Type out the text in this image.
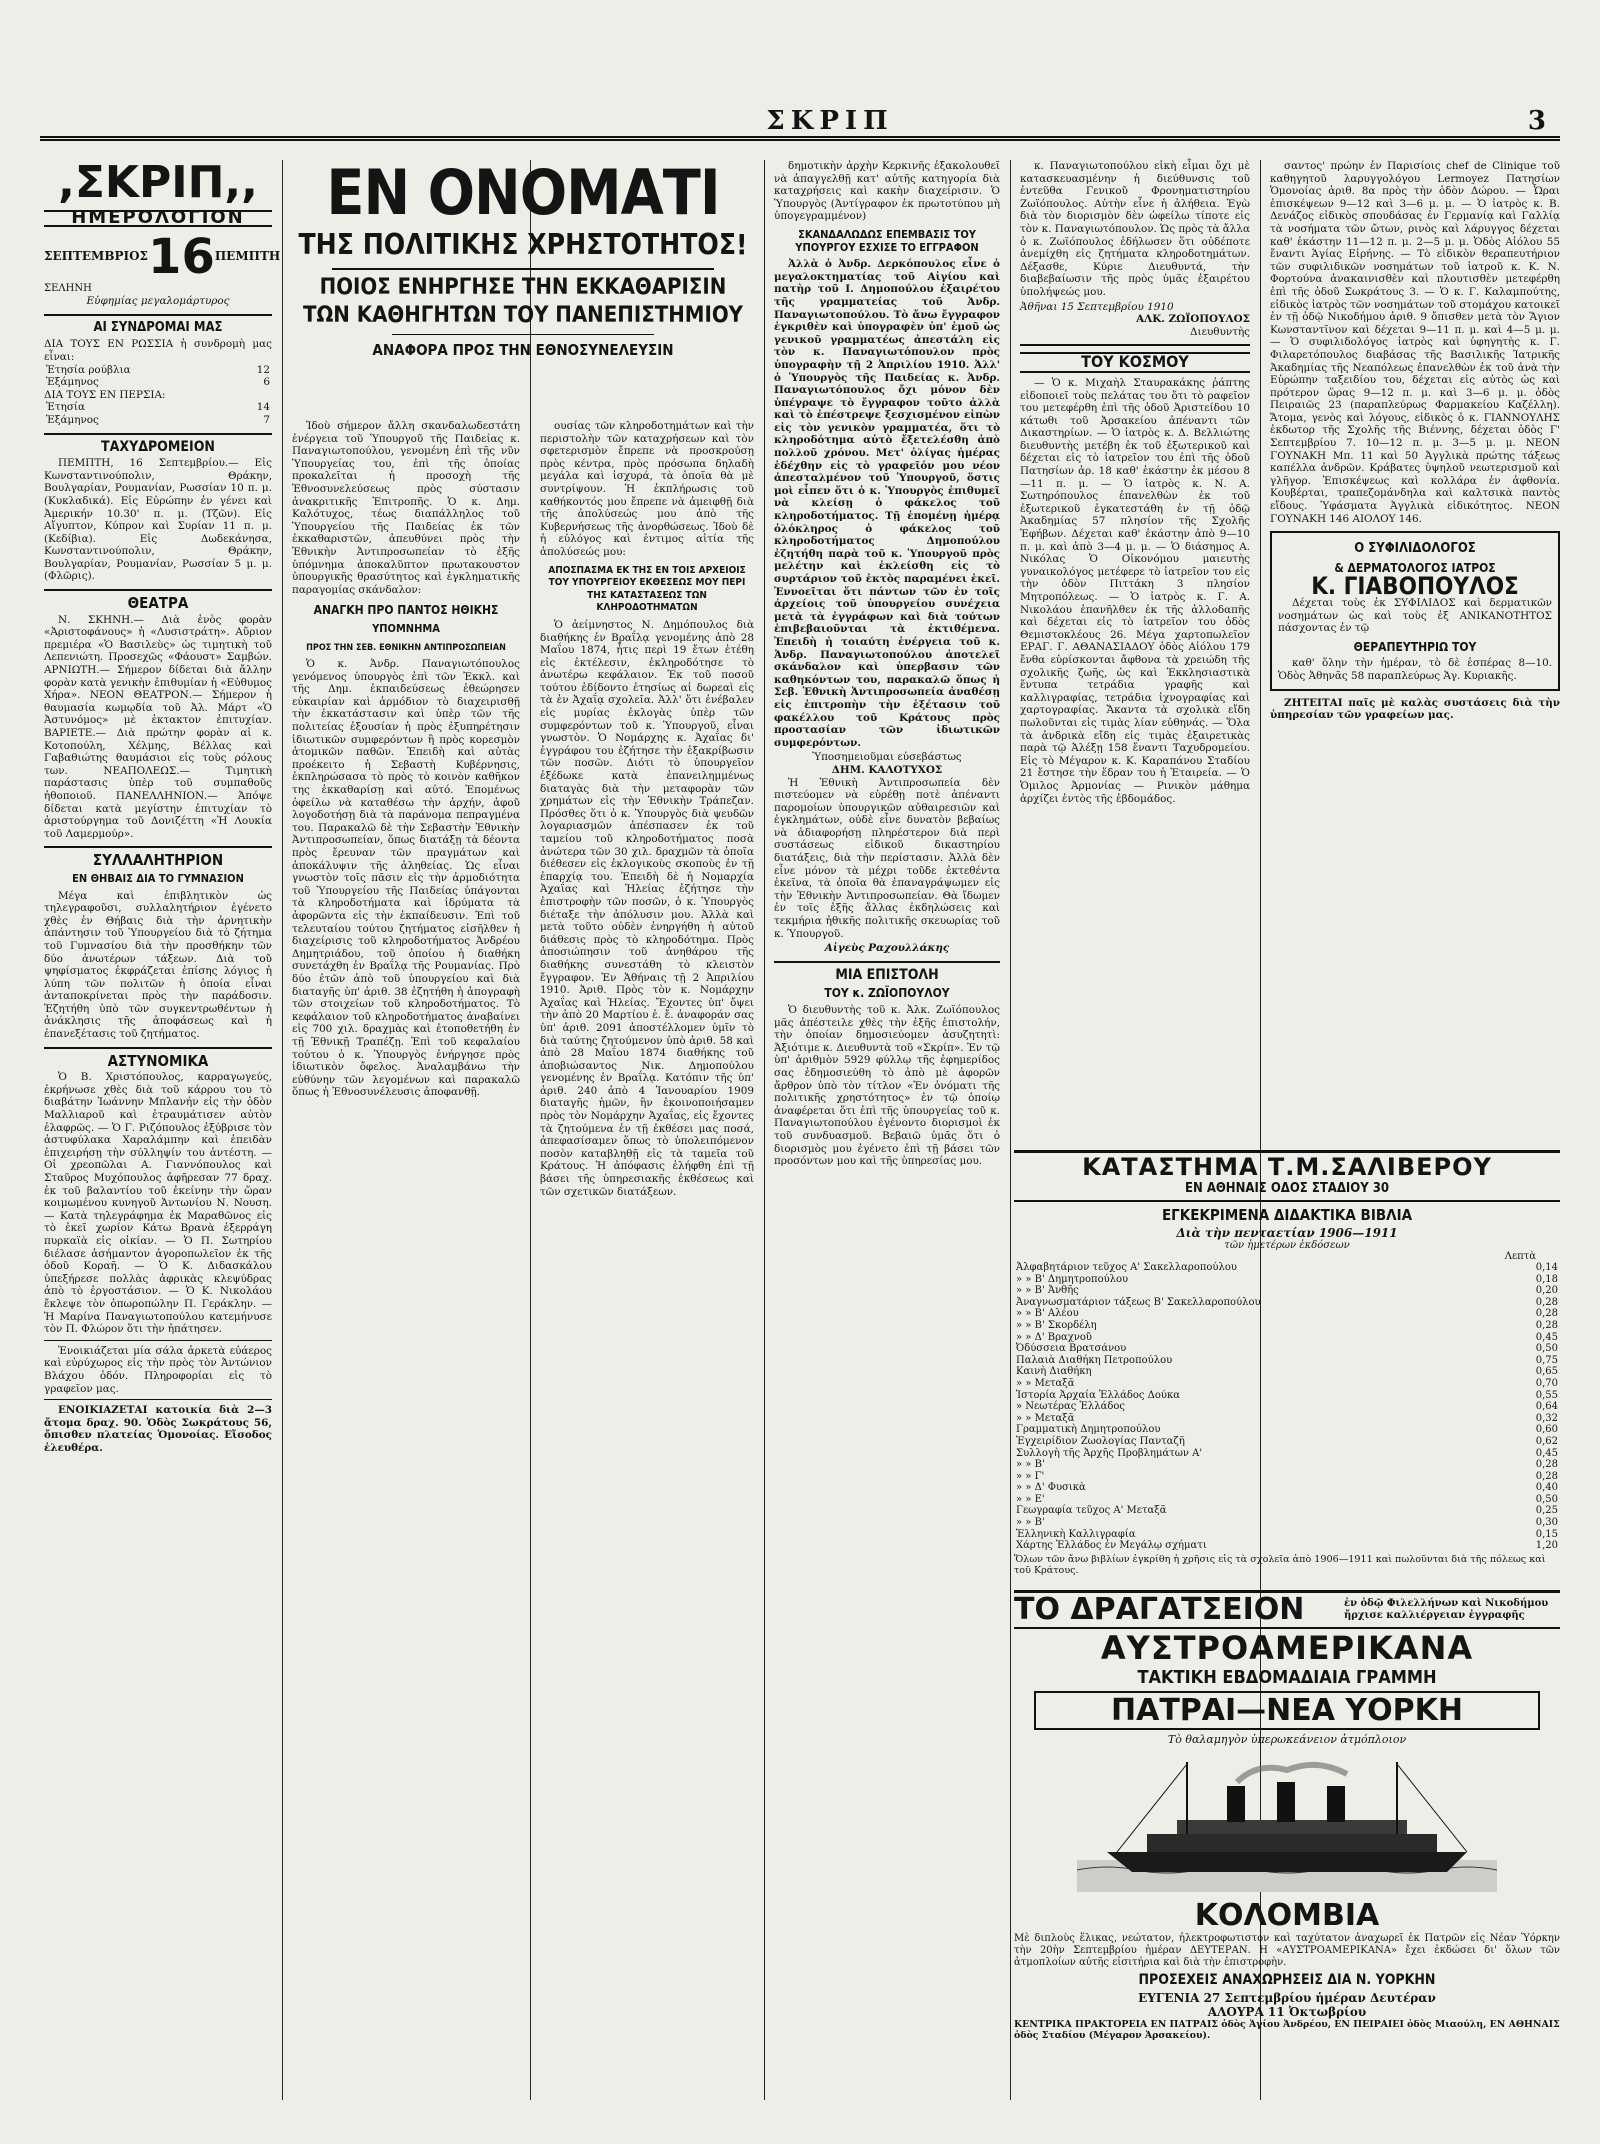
ΣΚΡΙΠ	3
,ΣΚΡΙΠ,,
ΗΜΕΡΟΛΟΓΙΟΝ
ΣΕΠΤΕΜΒΡΙΟΣ 16 ΠΕΜΠΤΗ
ΣΕΛΗΝΗ
Εὐφημίας μεγαλομάρτυρος
ΑΙ ΣΥΝΔΡΟΜΑΙ ΜΑΣ
ΔΙΑ ΤΟΥΣ ΕΝ ΡΩΣΣΙΑ ἡ συνδρομὴ μας εἶναι:
Ἐτησία ρούβλια	12
Ἑξάμηνος	6
ΔΙΑ ΤΟΥΣ ΕΝ ΠΕΡΣΙΑ:
Ἐτησία	14
Ἑξάμηνος	7
ΤΑΧΥΔΡΟΜΕΙΟΝ

ΠΕΜΠΤΗ, 16 Σεπτεμβρίου.— Εἰς Κωνσταντινούπολιν, Θράκην, Βουλγαρίαν, Ρουμανίαν, Ρωσσίαν 10 π. μ. (Κυκλαδικά). Εἰς Εὐρώπην ἐν γένει καὶ Ἀμερικήν 10.30' π. μ. (Τζῶν). Εἰς Αἴγυπτον, Κύπρον καὶ Συρίαν 11 π. μ. (Κεδίβια). Εἰς Δωδεκάνησα, Κωνσταντινούπολιν, Θράκην, Βουλγαρίαν, Ρουμανίαν, Ρωσσίαν 5 μ. μ. (Φλῶρις).

ΘΕΑΤΡΑ

Ν. ΣΚΗΝΗ.— Διὰ ἑνὸς φορὰν «Ἀριστοφάνους» ἡ «Λυσιστράτη». Αὔριον πρεμιέρα «Ὁ Βασιλεὺς» ὡς τιμητικὴ τοῦ Λεπενιώτη. Προσεχῶς «Φάουστ» Σαμβών. ΑΡΝΙΩΤΗ.— Σήμερον δίδεται διὰ ἄλλην φορὰν κατὰ γενικὴν ἐπιθυμίαν ἡ «Εὐθυμος Χήρα». ΝΕΟΝ ΘΕΑΤΡΟΝ.— Σήμερον ἡ θαυμασία κωμῳδία τοῦ Ἀλ. Μάρτ «Ὁ Ἀστυνόμος» μὲ ἐκτακτον ἐπιτυχίαν. ΒΑΡΙΕΤΕ.— Διὰ πρώτην φορὰν αἱ κ. Κοτοπούλη, Χέλμης, Βέλλας καὶ Γαβαθιώτης θαυμάσιοι εἰς τοὺς ρόλους των. ΝΕΑΠΟΛΕΩΣ.— Τιμητικὴ παράστασις ὑπὲρ τοῦ συμπαθοῦς ἠθοποιοῦ. ΠΑΝΕΛΛΗΝΙΟΝ.— Ἀπόψε δίδεται κατὰ μεγίστην ἐπιτυχίαν τὸ ἀριστούργημα τοῦ Δονιζέττη «Ἡ Λουκία τοῦ Λαμερμούρ».

ΣΥΛΛΑΛΗΤΗΡΙΟΝ
ΕΝ ΘΗΒΑΙΣ ΔΙΑ ΤΟ ΓΥΜΝΑΣΙΟΝ

Μέγα καὶ ἐπιβλητικὸν ὡς τηλεγραφοῦσι, συλλαλητήριον ἐγένετο χθὲς ἐν Θήβαις διὰ τὴν ἀρνητικὴν ἀπάντησιν τοῦ Ὑπουργείου διὰ τὸ ζήτημα τοῦ Γυμνασίου διὰ τὴν προσθήκην τῶν δύο ἀνωτέρων τάξεων. Διὰ τοῦ ψηφίσματος ἐκφράζεται ἐπίσης λόγιος ἡ λύπη τῶν πολιτῶν ἡ ὁποία εἶναι ἀνταποκρίνεται πρὸς τὴν παράδοσιν. Ἐζητήθη ὑπὸ τῶν συγκεντρωθέντων ἡ ἀνάκλησις τῆς ἀποφάσεως καὶ ἡ ἐπανεξέτασις τοῦ ζητήματος.

ΑΣΤΥΝΟΜΙΚΑ

Ὁ Β. Χριστόπουλος, καρραγωγεύς, ἐκρήνωσε χθὲς διὰ τοῦ κάρρου του τὸ διαβάτην Ἰωάννην Μπλανήν εἰς τὴν ὁδὸν Μαλλιαροῦ καὶ ἐτραυμάτισεν αὐτὸν ἐλαφρῶς. — Ὁ Γ. Ριζόπουλος ἐξύβρισε τὸν ἀστυφύλακα Χαραλάμπην καὶ ἐπειδὰν ἐπιχειρήσῃ τὴν σύλληψίν του ἀντέστη. — Οἱ χρεοπῶλαι Α. Γιαννόπουλος καὶ Σταῦρος Μυχόπουλος ἀφῆρεσαν 77 δραχ. ἐκ τοῦ βαλαντίου τοῦ ἐκείνην τὴν ὥραν κοιμωμένου κυνηγοῦ Ἀντωνίου Ν. Νουση. — Κατὰ τηλεγράφημα ἐκ Μαραθῶνος εἰς τὸ ἐκεῖ χωρίον Κάτω Βρανὰ ἐξερράγη πυρκαϊὰ εἰς οἰκίαν. — Ὁ Π. Σωτηρίου διέλασε ἀσήμαντον ἀγοροπωλεῖον ἐκ τῆς ὁδοῦ Κοραῆ. — Ὁ Κ. Διδασκάλου ὑπεξήρεσε πολλὰς ἀφρικὰς κλεψύδρας ἀπὸ τὸ ἐργοστάσιον. — Ὁ Κ. Νικολάου ἔκλεψε τὸν ὀπωροπώλην Π. Γεράκλην. — Ἡ Μαρίνα Παναγιωτοπούλου κατεμήνυσε τὸν Π. Φλώρον ὅτι τὴν ἠπάτησεν.

Ἐνοικιάζεται μία σάλα ἀρκετὰ εὐάερος καὶ εὐρύχωρος εἰς τὴν πρὸς τὸν Ἀντώνιον Βλάχου ὁδόν. Πληροφορίαι εἰς τὸ γραφεῖον μας.

ΕΝΟΙΚΙΑΖΕΤΑΙ κατοικία διὰ 2—3 ἄτομα δραχ. 90. Ὁδὸς Σωκράτους 56, ὄπισθεν πλατείας Ὁμονοίας. Εἴσοδος ἐλευθέρα.

ΕΝ ΟΝΟΜΑΤΙ
ΤΗΣ ΠΟΛΙΤΙΚΗΣ ΧΡΗΣΤΟΤΗΤΟΣ!
ΠΟΙΟΣ ΕΝΗΡΓΗΣΕ ΤΗΝ ΕΚΚΑΘΑΡΙΣΙΝ
ΤΩΝ ΚΑΘΗΓΗΤΩΝ ΤΟΥ ΠΑΝΕΠΙΣΤΗΜΙΟΥ
ΑΝΑΦΟΡΑ ΠΡΟΣ ΤΗΝ ΕΘΝΟΣΥΝΕΛΕΥΣΙΝ

Ἰδοὺ σήμερον ἄλλη σκανδαλωδεστάτη ἐνέργεια τοῦ Ὑπουργοῦ τῆς Παιδείας κ. Παναγιωτοπούλου, γενομένη ἐπὶ τῆς νῦν Ὑπουργείας του, ἐπὶ τῆς ὁποίας προκαλεῖται ἡ προσοχὴ τῆς Ἐθνοσυνελεύσεως πρὸς σύστασιν ἀνακριτικῆς Ἐπιτροπῆς. Ὁ κ. Δημ. Καλότυχος, τέως διαπάλληλος τοῦ Ὑπουργείου τῆς Παιδείας ἐκ τῶν ἐκκαθαριστῶν, ἀπευθύνει πρὸς τὴν Ἐθνικὴν Ἀντιπροσωπείαν τὸ ἐξῆς ὑπόμνημα ἀποκαλῦπτον πρωτακουστον ὑπουργικῆς θρασύτητος καὶ ἐγκληματικῆς παραγομίας σκάνδαλον:

ΑΝΑΓΚΗ ΠΡΟ ΠΑΝΤΟΣ ΗΘΙΚΗΣ
ΥΠΟΜΝΗΜΑ
ΠΡΟΣ ΤΗΝ ΣΕΒ. ΕΘΝΙΚΗΝ ΑΝΤΙΠΡΟΣΩΠΕΙΑΝ

Ὁ κ. Ἀνδρ. Παναγιωτόπουλος γενόμενος ὑπουργὸς ἐπὶ τῶν Ἐκκλ. καὶ τῆς Δημ. ἐκπαιδεύσεως ἐθεώρησεν εὐκαιρίαν καὶ ἀρμόδιον τὸ διαχειρισθῇ τὴν ἐκκατάστασιν καὶ ὑπὲρ τῶν τῆς πολιτείας ἐξουσίαν ἡ πρὸς ἐξυπηρέτησιν ἰδιωτικῶν συμφερόντων ἢ πρὸς κορεσμὸν ἀτομικῶν παθῶν. Ἐπειδὴ καὶ αὐτὰς προέκειτο ἡ Σεβαστὴ Κυβέρνησις, ἐκπληρώσασα τὸ πρὸς τὸ κοινὸν καθῆκον της ἐκκαθαρίσῃ καὶ αὐτό. Ἐπομένως ὀφείλω νὰ καταθέσω τὴν ἀρχήν, ἀφοῦ λογοδοτήσῃ διὰ τὰ παράνομα πεπραγμένα του. Παρακαλῶ δὲ τὴν Σεβαστὴν Ἐθνικὴν Ἀντιπροσωπείαν, ὅπως διατάξῃ τὰ δέοντα πρὸς ἔρευναν τῶν πραγμάτων καὶ ἀποκάλυψιν τῆς ἀληθείας. Ὡς εἶναι γνωστὸν τοῖς πᾶσιν εἰς τὴν ἀρμοδιότητα τοῦ Ὑπουργείου τῆς Παιδείας ὑπάγονται τὰ κληροδοτήματα καὶ ἰδρύματα τὰ ἀφορῶντα εἰς τὴν ἐκπαίδευσιν. Ἐπὶ τοῦ τελευταίου τούτου ζητήματος εἰσῆλθεν ἡ διαχείρισις τοῦ κληροδοτήματος Ἀνδρέου Δημητριάδου, τοῦ ὁποίου ἡ διαθήκη συνετάχθη ἐν Βραΐλᾳ τῆς Ρουμανίας. Πρὸ δύο ἐτῶν ἀπὸ τοῦ ὑπουργείου καὶ διὰ διαταγῆς ὑπ' ἀριθ. 38 ἐζητήθη ἡ ἀπογραφὴ τῶν στοιχείων τοῦ κληροδοτήματος. Τὸ κεφάλαιον τοῦ κληροδοτήματος ἀναβαίνει εἰς 700 χιλ. δραχμὰς καὶ ἐτοποθετήθη ἐν τῇ Ἐθνικῇ Τραπέζῃ. Ἐπὶ τοῦ κεφαλαίου τούτου ὁ κ. Ὑπουργὸς ἐνήργησε πρὸς ἰδιωτικὸν ὄφελος. Ἀναλαμβάνω τὴν εὐθύνην τῶν λεγομένων καὶ παρακαλῶ ὅπως ἡ Ἐθνοσυνέλευσις ἀποφανθῇ.

ουσίας τῶν κληροδοτημάτων καὶ τὴν περιστολὴν τῶν καταχρήσεων καὶ τὸν σφετερισμὸν ἔπρεπε νὰ προσκρούσῃ πρὸς κέντρα, πρὸς πρόσωπα δηλαδὴ μεγάλα καὶ ἰσχυρά, τὰ ὁποῖα θὰ μὲ συντρίψουν. Ἡ ἐκπλήρωσις τοῦ καθήκοντός μου ἔπρεπε νὰ ἀμειφθῇ διὰ τῆς ἀπολύσεώς μου ἀπὸ τῆς Κυβερνήσεως τῆς ἀνορθώσεως. Ἰδοὺ δὲ ἡ εὐλόγος καὶ ἐντιμος αἰτία τῆς ἀπολύσεώς μου:

ΑΠΟΣΠΑΣΜΑ ΕΚ ΤΗΣ ΕΝ ΤΟΙΣ ΑΡΧΕΙΟΙΣ ΤΟΥ ΥΠΟΥΡΓΕΙΟΥ ΕΚΘΕΣΕΩΣ ΜΟΥ ΠΕΡΙ ΤΗΣ ΚΑΤΑΣΤΑΣΕΩΣ ΤΩΝ ΚΛΗΡΟΔΟΤΗΜΑΤΩΝ

Ὁ ἀείμνηστος Ν. Δημόπουλος διὰ διαθήκης ἐν Βραΐλᾳ γενομένης ἀπὸ 28 Μαΐου 1874, ἧτις περὶ 19 ἔτων ἐτέθη εἰς ἐκτέλεσιν, ἐκληροδότησε τὸ ἀνωτέρω κεφάλαιον. Ἐκ τοῦ ποσοῦ τούτου ἐδίδοντο ἐτησίως αἱ δωρεαὶ εἰς τὰ ἐν Ἀχαΐᾳ σχολεῖα. Ἀλλ' ὅτι ἐνέβαλεν εἰς μυρίας ἐκλογὰς ὑπὲρ τῶν συμφερόντων τοῦ κ. Ὑπουργοῦ, εἶναι γνωστὸν. Ὁ Νομάρχης κ. Ἀχαΐας δι' ἐγγράφου του ἐζήτησε τὴν ἐξακρίβωσιν τῶν ποσῶν. Διότι τὸ ὑπουργεῖον ἐξέδωκε κατὰ ἐπανειλημμένως διαταγὰς διὰ τὴν μεταφορὰν τῶν χρημάτων εἰς τὴν Ἐθνικὴν Τράπεζαν. Πρόσθες ὅτι ὁ κ. Ὑπουργὸς διὰ ψευδῶν λογαριασμῶν ἀπέσπασεν ἐκ τοῦ ταμείου τοῦ κληροδοτήματος ποσὰ ἀνώτερα τῶν 30 χιλ. δραχμῶν τὰ ὁποῖα διέθεσεν εἰς ἐκλογικοὺς σκοποὺς ἐν τῇ ἐπαρχίᾳ του. Ἐπειδὴ δὲ ἡ Νομαρχία Ἀχαΐας καὶ Ἠλείας ἐζήτησε τὴν ἐπιστροφὴν τῶν ποσῶν, ὁ κ. Ὑπουργὸς διέταξε τὴν ἀπόλυσιν μου. Ἀλλὰ καὶ μετὰ τοῦτο οὐδὲν ἐνηργήθη ἡ αὐτοῦ διάθεσις πρὸς τὸ κληροδότημα. Πρὸς ἀποσιώπησιν τοῦ ἀνηθάρου τῆς διαθήκης συνεστάθη τὸ κλειστὸν ἔγγραφον. Ἐν Ἀθήναις τῇ 2 Ἀπριλίου 1910. Ἀριθ. Πρὸς τὸν κ. Νομάρχην Ἀχαΐας καὶ Ἠλείας. Ἔχοντες ὑπ' ὄψει τὴν ἀπὸ 20 Μαρτίου ἐ. ἔ. ἀναφοράν σας ὑπ' ἀριθ. 2091 ἀποστέλλομεν ὑμῖν τὸ διὰ ταύτης ζητούμενον ὑπὸ ἀριθ. 58 καὶ ἀπὸ 28 Μαΐου 1874 διαθήκης τοῦ ἀποβιώσαντος Νικ. Δημοπούλου γενομένης ἐν Βραΐλᾳ. Κατόπιν τῆς ὑπ' ἀριθ. 240 ἀπὸ 4 Ἰανουαρίου 1909 διαταγῆς ἡμῶν, ἣν ἐκοινοποιήσαμεν πρὸς τὸν Νομάρχην Ἀχαΐας, εἰς ἔχοντες τὰ ζητούμενα ἐν τῇ ἐκθέσει μας ποσά, ἀπεφασίσαμεν ὅπως τὸ ὑπολειπόμενον ποσὸν καταβληθῇ εἰς τὰ ταμεῖα τοῦ Κράτους. Ἡ ἀπόφασις ἐλήφθη ἐπὶ τῇ βάσει τῆς ὑπηρεσιακῆς ἐκθέσεως καὶ τῶν σχετικῶν διατάξεων.

δημοτικὴν ἀρχὴν Κερκινῆς ἐξακολουθεῖ νὰ ἀπαγγελθῇ κατ' αὐτῆς κατηγορία διὰ καταχρήσεις καὶ κακὴν διαχείρισιν. Ὁ Ὑπουργὸς (Ἀντίγραφον ἐκ πρωτοτύπου μὴ ὑπογεγραμμένον)

ΣΚΑΝΔΑΛΩΔΩΣ ΕΠΕΜΒΑΣΙΣ ΤΟΥ ΥΠΟΥΡΓΟΥ ΕΣΧΙΣΕ ΤΟ ΕΓΓΡΑΦΟΝ

Ἀλλὰ ὁ Ἀνδρ. Δερκόπουλος εἶνε ὁ μεγαλοκτηματίας τοῦ Αἰγίου καὶ πατὴρ τοῦ Ι. Δημοπούλου ἐξαιρέτου τῆς γραμματείας τοῦ Ἀνδρ. Παναγιωτοπούλου. Τὸ ἄνω ἔγγραφον ἐγκριθὲν καὶ ὑπογραφὲν ὑπ' ἐμοῦ ὡς γενικοῦ γραμματέως ἀπεστάλη εἰς τὸν κ. Παναγιωτόπουλον πρὸς ὑπογραφὴν τῇ 2 Ἀπριλίου 1910. Ἀλλ' ὁ Ὑπουργὸς τῆς Παιδείας κ. Ἀνδρ. Παναγιωτόπουλος ὄχι μόνον δὲν ὑπέγραψε τὸ ἔγγραφον τοῦτο ἀλλὰ καὶ τὸ ἐπέστρεψε ξεσχισμένον εἰπὼν εἰς τὸν γενικὸν γραμματέα, ὅτι τὸ κληροδότημα αὐτὸ ἔξετελέσθη ἀπὸ πολλοῦ χρόνου. Μετ' ὀλίγας ἡμέρας ἐδέχθην εἰς τὸ γραφεῖόν μου νέον ἀπεσταλμένον τοῦ Ὑπουργοῦ, ὅστις μοὶ εἶπεν ὅτι ὁ κ. Ὑπουργὸς ἐπιθυμεῖ νὰ κλείσῃ ὁ φάκελος τοῦ κληροδοτήματος. Τῇ ἑπομένῃ ἡμέρᾳ ὁλόκληρος ὁ φάκελος τοῦ κληροδοτήματος Δημοπούλου ἐζητήθη παρὰ τοῦ κ. Ὑπουργοῦ πρὸς μελέτην καὶ ἐκλείσθη εἰς τὸ συρτάριον τοῦ ἐκτὸς παραμένει ἐκεῖ. Ἐννοεῖται ὅτι πάντων τῶν ἐν τοῖς ἀρχείοις τοῦ ὑπουργείου συνέχεια μετὰ τὰ ἐγγράφων καὶ διὰ τούτων ἐπιβεβαιοῦνται τὰ ἐκτιθέμενα. Ἐπειδὴ ἡ τοιαύτη ἐνέργεια τοῦ κ. Ἀνδρ. Παναγιωτοπούλου ἀποτελεῖ σκάνδαλον καὶ ὑπερβασιν τῶν καθηκόντων του, παρακαλῶ ὅπως ἡ Σεβ. Ἐθνικὴ Ἀντιπροσωπεία ἀναθέσῃ εἰς ἐπιτροπὴν τὴν ἐξέτασιν τοῦ φακέλλου τοῦ Κράτους πρὸς προστασίαν τῶν ἰδιωτικῶν συμφερόντων.

Ὑποσημειοῦμαι εὐσεβάστως
ΔΗΜ. ΚΑΛΟΤΥΧΟΣ

Ἡ Ἐθνικὴ Ἀντιπροσωπεία δὲν πιστεύομεν νὰ εὑρέθῃ ποτὲ ἀπέναντι παρομοίων ὑπουργικῶν αὐθαιρεσιῶν καὶ ἐγκλημάτων, οὐδὲ εἶνε δυνατὸν βεβαίως νὰ ἀδιαφορήσῃ πληρέστερον διὰ περὶ συστάσεως εἰδικοῦ δικαστηρίου διατάξεις, διὰ τὴν περίστασιν. Ἀλλὰ δὲν εἶνε μόνον τὰ μέχρι τοῦδε ἐκτεθέντα ἐκεῖνα, τὰ ὁποῖα θὰ ἐπαναγράψωμεν εἰς τὴν Ἐθνικὴν Ἀντιπροσωπείαν. Θὰ ἴδωμεν ἐν τοῖς ἑξῆς ἄλλας ἐκδηλώσεις καὶ τεκμήρια ἠθικῆς πολιτικῆς σκευωρίας τοῦ κ. Ὑπουργοῦ.

Αἰγεὺς Ραχουλλάκης
ΜΙΑ ΕΠΙΣΤΟΛΗ
ΤΟΥ κ. ΖΩΪΟΠΟΥΛΟΥ

Ὁ διευθυντὴς τοῦ κ. Ἀλκ. Ζωϊόπουλος μᾶς ἀπέστειλε χθὲς τὴν ἑξῆς ἐπιστολήν, τὴν ὁποίαν δημοσιεύομεν ἀσυζητητὶ: Ἀξιότιμε κ. Διευθυντὰ τοῦ «Σκρίπ». Ἐν τῷ ὑπ' ἀριθμὸν 5929 φύλλῳ τῆς ἐφημερίδος σας ἐδημοσιεύθη τὸ ἀπὸ μὲ ἀφορῶν ἄρθρον ὑπὸ τὸν τίτλον «Ἐν ὀνόματι τῆς πολιτικῆς χρηστότητος» ἐν τῷ ὁποίῳ ἀναφέρεται ὅτι ἐπὶ τῆς ὑπουργείας τοῦ κ. Παναγιωτοπούλου ἐγένοντο διορισμοὶ ἐκ τοῦ συνδυασμοῦ. Βεβαιῶ ὑμᾶς ὅτι ὁ διορισμὸς μου ἐγένετο ἐπὶ τῇ βάσει τῶν προσόντων μου καὶ τῆς ὑπηρεσίας μου.

κ. Παναγιωτοπούλου εἰκὴ εἶμαι ὄχι μὲ κατασκευασμένην ἡ διεύθυνσις τοῦ ἐντεῦθα Γενικοῦ Φρονηματιστηρίου Ζωϊόπουλος. Αὐτὴν εἶνε ἡ ἀλήθεια. Ἐγὼ διὰ τὸν διορισμὸν δὲν ὠφείλω τίποτε εἰς τὸν κ. Παναγιωτόπουλον. Ὡς πρὸς τὰ ἄλλα ὁ κ. Ζωϊόπουλος ἐδήλωσεν ὅτι οὐδέποτε ἀνεμίχθη εἰς ζητήματα κληροδοτημάτων. Δέξασθε, Κύριε Διευθυντά, τὴν διαβεβαίωσιν τῆς πρὸς ὑμᾶς ἐξαιρέτου ὑπολήψεώς μου.

Ἀθῆναι 15 Σεπτεμβρίου 1910
ΑΛΚ. ΖΩΪΟΠΟΥΛΟΣ
Διευθυντὴς
ΤΟΥ ΚΟΣΜΟΥ

— Ὁ κ. Μιχαὴλ Σταυρακάκης ῥάπτης εἰδοποιεῖ τοὺς πελάτας του ὅτι τὸ ραφεῖον του μετεφέρθη ἐπὶ τῆς ὁδοῦ Ἀριστείδου 10 κάτωθι τοῦ Ἀρσακείου ἀπέναντι τῶν Δικαστηρίων. — Ὁ ἰατρὸς κ. Δ. Βελλιώτης διευθυντὴς μετέβη ἐκ τοῦ ἐξωτερικοῦ καὶ δέχεται εἰς τὸ ἰατρεῖον του ἐπὶ τῆς ὁδοῦ Πατησίων ἀρ. 18 καθ' ἑκάστην ἐκ μέσου 8—11 π. μ. — Ὁ ἰατρὸς κ. Ν. Α. Σωτηρόπουλος ἐπανελθὼν ἐκ τοῦ ἐξωτερικοῦ ἐγκατεστάθη ἐν τῇ ὁδῷ Ἀκαδημίας 57 πλησίον τῆς Σχολῆς Ἐφήβων. Δέχεται καθ' ἑκάστην ἀπὸ 9—10 π. μ. καὶ ἀπὸ 3—4 μ. μ. — Ὁ διάσημος Α. Νικόλας Ὁ Οἰκονόμου μαιευτὴς γυναικολόγος μετέφερε τὸ ἰατρεῖον του εἰς τὴν ὁδὸν Πιττάκη 3 πλησίον Μητροπόλεως. — Ὁ ἰατρὸς κ. Γ. Α. Νικολάου ἐπανῆλθεν ἐκ τῆς ἀλλοδαπῆς καὶ δέχεται εἰς τὸ ἰατρεῖον του ὁδὸς Θεμιστοκλέους 26. Μέγα χαρτοπωλεῖον ΕΡΑΓ. Γ. ΑΘΑΝΑΣΙΑΔΟΥ ὁδὸς Αἰόλου 179 ἔνθα εὑρίσκονται ἄφθονα τὰ χρειώδη τῆς σχολικῆς ζωῆς, ὡς καὶ Ἐκκλησιαστικὰ ἔντυπα τετράδια γραφῆς καὶ καλλιγραφίας, τετράδια ἰχνογραφίας καὶ χαρτογραφίας. Ἄκαντα τὰ σχολικὰ εἴδη πωλοῦνται εἰς τιμὰς λίαν εὐθηνάς. — Ὅλα τὰ ἀνδρικὰ εἴδη εἰς τιμὰς ἐξαιρετικὰς παρὰ τῷ Ἀλέξῃ 158 ἔναντι Ταχυδρομείου. Εἰς τὸ Μέγαρον κ. Κ. Καραπάνου Σταδίου 21 ἔστησε τὴν ἕδραν του ἡ Ἑταιρεία. — Ὁ Ὁμιλος Ἀρμονίας — Ρινικὸν μάθημα ἀρχίζει ἐντὸς τῆς ἑβδομάδος.

σαντος' πρώην ἐν Παρισίοις chef de Clinique τοῦ καθηγητοῦ λαρυγγολόγου Lermoyez Πατησίων Ὁμονοίας ἀριθ. 8α πρὸς τὴν ὁδὸν Δώρου. — Ὧραι ἐπισκέψεων 9—12 καὶ 3—6 μ. μ. — Ὁ ἰατρὸς κ. Β. Δενάζος εἰδικὸς σπουδάσας ἐν Γερμανίᾳ καὶ Γαλλίᾳ τὰ νοσήματα τῶν ὤτων, ρινὸς καὶ λάρυγγος δέχεται καθ' ἑκάστην 11—12 π. μ. 2—5 μ. μ. Ὁδὸς Αἰόλου 55 ἔναντι Ἁγίας Εἰρήνης. — Τὸ εἰδικὸν θεραπευτήριον τῶν συφιλιδικῶν νοσημάτων τοῦ ἰατροῦ κ. Κ. Ν. Φορτούνα ἀνακαινισθὲν καὶ πλουτισθὲν μετεφέρθη ἐπὶ τῆς ὁδοῦ Σωκράτους 3. — Ὁ κ. Γ. Καλαμπούτης, εἰδικὸς ἰατρὸς τῶν νοσημάτων τοῦ στομάχου κατοικεῖ ἐν τῇ ὁδῷ Νικοδήμου ἀριθ. 9 ὄπισθεν μετὰ τὸν Ἅγιον Κωνσταντῖνον καὶ δέχεται 9—11 π. μ. καὶ 4—5 μ. μ. — Ὁ συφιλιδολόγος ἰατρὸς καὶ ὑφηγητὴς κ. Γ. Φιλαρετόπουλος διαβάσας τῆς Βασιλικῆς Ἰατρικῆς Ἀκαδημίας τῆς Νεαπόλεως ἐπανελθὼν ἐκ τοῦ ἀνὰ τὴν Εὐρώπην ταξειδίου του, δέχεται εἰς αὐτὸς ὡς καὶ πρότερον ὥρας 9—12 π. μ. καὶ 3—6 μ. μ. ὁδὸς Πειραιῶς 23 (παραπλεύρως Φαρμακείου Καζέλλη). Ἄτομα, γενὸς καὶ λόγους, εἰδικὸς ὁ κ. ΓΙΑΝΝΟΥΛΗΣ ἐκδωτορ τῆς Σχολῆς τῆς Βιέννης, δέχεται ὁδὸς Γ' Σεπτεμβρίου 7. 10—12 π. μ. 3—5 μ. μ. ΝΕΟΝ ΓΟΥΝΑΚΗ Μπ. 11 καὶ 50 Ἀγγλικὰ πρώτης τάξεως καπέλλα ἀνδρῶν. Κράβατες ὑψηλοῦ νεωτερισμοῦ καὶ γλῆγορ. Ἐπισκέψεως καὶ κολλάρα ἐν ἀφθονία. Κουβέρται, τραπεζομάνδηλα καὶ καλτσικὰ παντὸς εἴδους. Ὑφάσματα Ἀγγλικὰ εἰδικότητος. ΝΕΟΝ ΓΟΥΝΑΚΗ 146 ΑΙΟΛΟΥ 146.

Ο ΣΥΦΙΛΙΔΟΛΟΓΟΣ
& ΔΕΡΜΑΤΟΛΟΓΟΣ ΙΑΤΡΟΣ
Κ. ΓΙΑΒΟΠΟΥΛΟΣ

Δέχεται τοὺς ἐκ ΣΥΦΙΛΙΔΟΣ καὶ δερματικῶν νοσημάτων ὡς καὶ τοὺς ἐξ ΑΝΙΚΑΝΟΤΗΤΟΣ πάσχοντας ἐν τῷ

ΘΕΡΑΠΕΥΤΗΡΙΩ ΤΟΥ

καθ' ὅλην τὴν ἡμέραν, τὸ δὲ ἑσπέρας 8—10. Ὁδὸς Ἀθηνᾶς 58 παραπλεύρως Ἁγ. Κυριακῆς.

ΖΗΤΕΙΤΑΙ παῖς μὲ καλὰς συστάσεις διὰ τὴν ὑπηρεσίαν τῶν γραφείων μας.

ΚΑΤΑΣΤΗΜΑ Τ.Μ.ΣΑΛΙΒΕΡΟΥ
ΕΝ ΑΘΗΝΑΙΣ ΟΔΟΣ ΣΤΑΔΙΟΥ 30
ΕΓΚΕΚΡΙΜΕΝΑ ΔΙΔΑΚΤΙΚΑ ΒΙΒΛΙΑ
Διὰ τὴν πενταετίαν 1906—1911
τῶν ἡμετέρων ἐκδόσεων
Λεπτὰ
Ἀλφαβητάριον τεῦχος Α' Σακελλαροπούλου	0,14
» » Β' Δημητροπούλου	0,18
» » Β' Ἀνθῆς	0,20
Ἀναγνωσματάριον τάξεως Β' Σακελλαροπούλου	0,28
» » Β' Αλέου	0,28
» » Β' Σκορδέλη	0,28
» » Δ' Βραχνοῦ	0,45
Ὀδύσσεια Βρατσάνου	0,50
Παλαιὰ Διαθήκη Πετροπούλου	0,75
Καινὴ Διαθήκη	0,65
» » Μεταξᾶ	0,70
Ἱστορία Ἀρχαία Ἑλλάδος Δούκα	0,55
» Νεωτέρας Ἑλλάδος	0,64
» » Μεταξᾶ	0,32
Γραμματικὴ Δημητροπούλου	0,60
Ἐγχειρίδιον Ζωολογίας Πανταζῆ	0,62
Συλλογὴ τῆς Ἀρχῆς Προβλημάτων Α'	0,45
» » Β'	0,28
» » Γ'	0,28
» » Δ' Φυσικὰ	0,40
» » Ε'	0,50
Γεωγραφία τεῦχος Α' Μεταξᾶ	0,25
» » Β'	0,30
Ἑλληνικὴ Καλλιγραφία	0,15
Χάρτης Ἑλλάδος ἐν Μεγάλῳ σχήματι	1,20
Ὅλων τῶν ἄνω βιβλίων ἐγκρίθη ἡ χρῆσις εἰς τὰ σχολεῖα ἀπὸ 1906—1911 καὶ πωλοῦνται διὰ τῆς πόλεως καὶ τοῦ Κράτους.
ΤΟ ΔΡΑΓΑΤΣΕΙΟΝ	ἐν ὁδῷ Φιλελλήνων καὶ Νικοδήμου ἤρχισε καλλιέργειαν ἐγγραφῆς
ΑΥΣΤΡΟΑΜΕΡΙΚΑΝΑ
ΤΑΚΤΙΚΗ ΕΒΔΟΜΑΔΙΑΙΑ ΓΡΑΜΜΗ
ΠΑΤΡΑΙ—ΝΕΑ ΥΟΡΚΗ
Τὸ θαλαμηγὸν ὑπερωκεάνειον ἀτμόπλοιον
ΚΟΛΟΜΒΙΑ
Μὲ διπλοὺς ἕλικας, νεώτατον, ἠλεκτροφωτιστον καὶ ταχύτατον ἀναχωρεῖ ἐκ Πατρῶν εἰς Νέαν Ὑόρκην τὴν 20ὴν Σεπτεμβρίου ἡμέραν ΔΕΥΤΕΡΑΝ. Η «ΑΥΣΤΡΟΑΜΕΡΙΚΑΝΑ» ἔχει ἐκδώσει δι' ὅλων τῶν ἀτμοπλοίων αὐτῆς εἰσιτήρια καὶ διὰ τὴν ἐπιστροφὴν.
ΠΡΟΣΕΧΕΙΣ ΑΝΑΧΩΡΗΣΕΙΣ ΔΙΑ Ν. ΥΟΡΚΗΝ
ΕΥΓΕΝΙΑ 27 Σεπτεμβρίου ἡμέραν Δευτέραν
ΑΛΟΥΡΑ 11 Ὀκτωβρίου
ΚΕΝΤΡΙΚΑ ΠΡΑΚΤΟΡΕΙΑ ΕΝ ΠΑΤΡΑΙΣ ὁδὸς Ἀγίου Ἀνδρέου, ΕΝ ΠΕΙΡΑΙΕΙ ὁδὸς Μιαούλη, ΕΝ ΑΘΗΝΑΙΣ ὁδὸς Σταδίου (Μέγαρον Ἀρσακείου).
